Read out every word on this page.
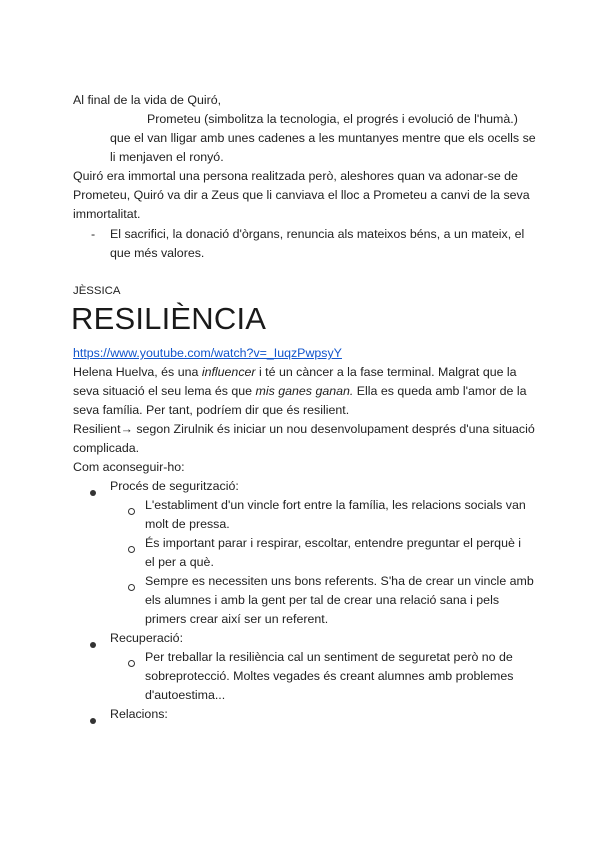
Al final de la vida de Quiró,
Prometeu (simbolitza la tecnologia, el progrés i evolució de l'humà.)
que el van lligar amb unes cadenes a les muntanyes mentre que els ocells se
li menjaven el ronyó.
Quiró era immortal una persona realitzada però, aleshores quan va adonar-se de
Prometeu, Quiró va dir a Zeus que li canviava el lloc a Prometeu a canvi de la seva
immortalitat.
- El sacrifici, la donació d'òrgans, renuncia als mateixos béns, a un mateix, el
que més valores.
JÈSSICA
RESILIÈNCIA
https://www.youtube.com/watch?v=_IuqzPwpsyY
Helena Huelva, és una influencer i té un càncer a la fase terminal. Malgrat que la
seva situació el seu lema és que mis ganes ganan. Ella es queda amb l'amor de la
seva família. Per tant, podríem dir que és resilient.
Resilient→ segon Zirulnik és iniciar un nou desenvolupament després d'una situació
complicada.
Com aconseguir-ho:
Procés de segurització:
L'establiment d'un vincle fort entre la família, les relacions socials van
molt de pressa.
És important parar i respirar, escoltar, entendre preguntar el perquè i
el per a què.
Sempre es necessiten uns bons referents. S'ha de crear un vincle amb
els alumnes i amb la gent per tal de crear una relació sana i pels
primers crear així ser un referent.
Recuperació:
Per treballar la resiliència cal un sentiment de seguretat però no de
sobreprotecció. Moltes vegades és creant alumnes amb problemes
d'autoestima...
Relacions:
